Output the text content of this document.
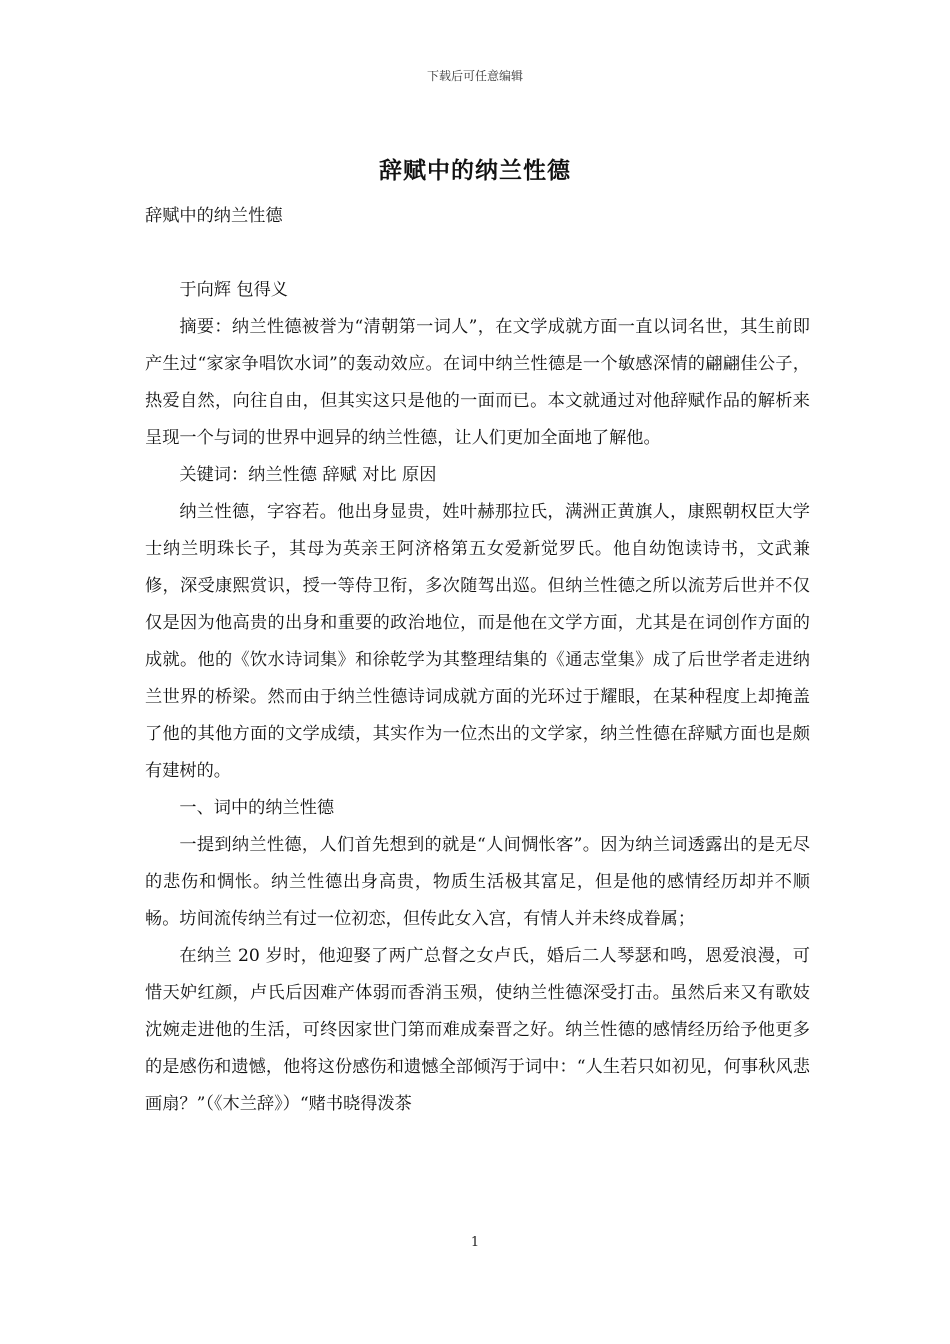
下载后可任意编辑
辞赋中的纳兰性德

辞赋中的纳兰性德

于向辉 包得义

摘要：纳兰性德被誉为“清朝第一词人”，在文学成就方面一直以词名世，其生前即产生过“家家争唱饮水词”的轰动效应。在词中纳兰性德是一个敏感深情的翩翩佳公子，热爱自然，向往自由，但其实这只是他的一面而已。本文就通过对他辞赋作品的解析来呈现一个与词的世界中迥异的纳兰性德，让人们更加全面地了解他。

关键词：纳兰性德 辞赋 对比 原因

纳兰性德，字容若。他出身显贵，姓叶赫那拉氏，满洲正黄旗人，康熙朝权臣大学士纳兰明珠长子，其母为英亲王阿济格第五女爱新觉罗氏。他自幼饱读诗书，文武兼修，深受康熙赏识，授一等侍卫衔，多次随驾出巡。但纳兰性德之所以流芳后世并不仅仅是因为他高贵的出身和重要的政治地位，而是他在文学方面，尤其是在词创作方面的成就。他的《饮水诗词集》和徐乾学为其整理结集的《通志堂集》成了后世学者走进纳兰世界的桥梁。然而由于纳兰性德诗词成就方面的光环过于耀眼，在某种程度上却掩盖了他的其他方面的文学成绩，其实作为一位杰出的文学家，纳兰性德在辞赋方面也是颇有建树的。

一、词中的纳兰性德

一提到纳兰性德，人们首先想到的就是“人间惆怅客”。因为纳兰词透露出的是无尽的悲伤和惆怅。纳兰性德出身高贵，物质生活极其富足，但是他的感情经历却并不顺畅。坊间流传纳兰有过一位初恋，但传此女入宫，有情人并未终成眷属；

在纳兰 20 岁时，他迎娶了两广总督之女卢氏，婚后二人琴瑟和鸣，恩爱浪漫，可惜天妒红颜，卢氏后因难产体弱而香消玉殒，使纳兰性德深受打击。虽然后来又有歌妓沈婉走进他的生活，可终因家世门第而难成秦晋之好。纳兰性德的感情经历给予他更多的是感伤和遗憾，他将这份感伤和遗憾全部倾泻于词中：“人生若只如初见，何事秋风悲画扇？”（《木兰辞》）“赌书晓得泼茶

1
